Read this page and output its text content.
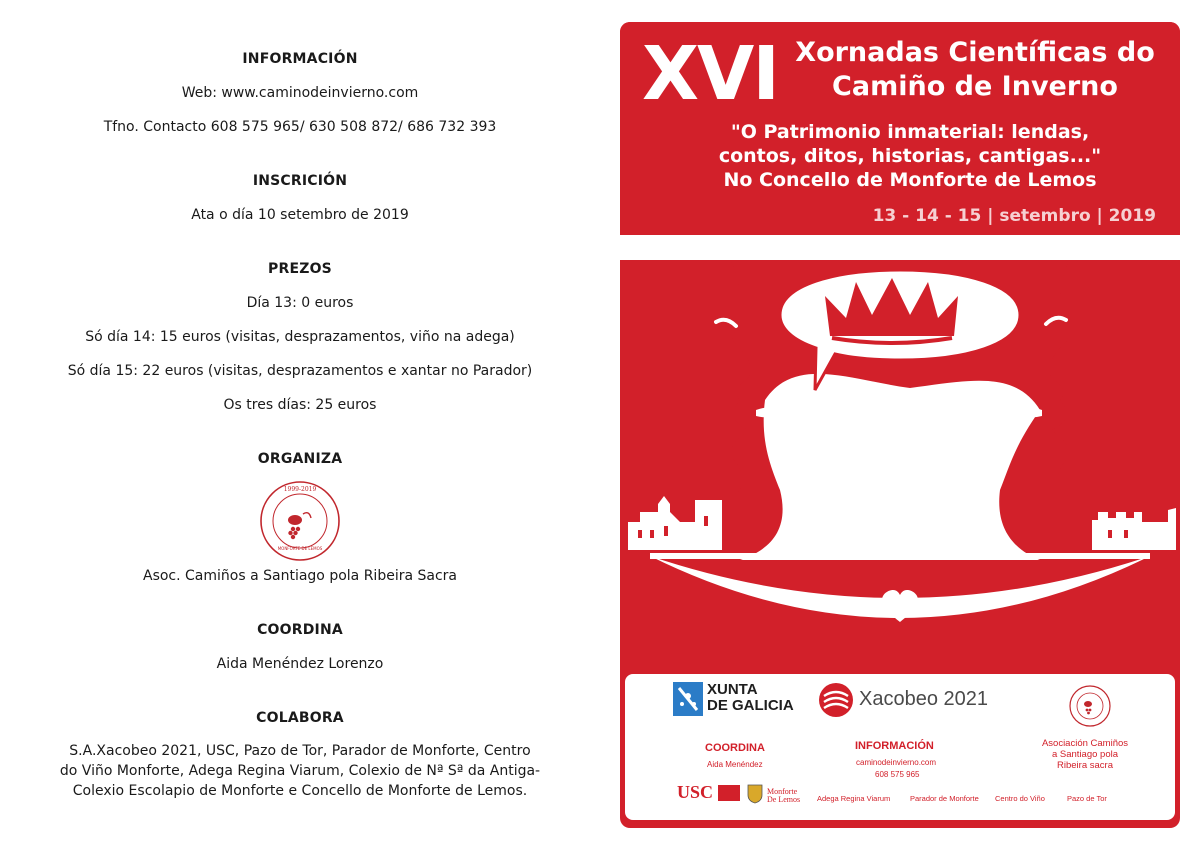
INFORMACIÓN
Web: www.caminodeinvierno.com
Tfno. Contacto 608 575 965/ 630 508 872/ 686 732 393
INSCRICIÓN
Ata o día 10 setembro de 2019
PREZOS
Día 13: 0 euros
Só día 14: 15 euros (visitas, desprazamentos, viño na adega)
Só día 15: 22 euros (visitas, desprazamentos e xantar no Parador)
Os tres días: 25 euros
ORGANIZA
1999-2019
MONFORTE DE LEMOS
Asoc. Camiños a Santiago pola Ribeira Sacra
COORDINA
Aida Menéndez Lorenzo
COLABORA
S.A.Xacobeo 2021, USC, Pazo de Tor, Parador de Monforte, Centro
do Viño Monforte, Adega Regina Viarum, Colexio de Nª Sª da Antiga-
Colexio Escolapio de Monforte e Concello de Monforte de Lemos.
XVI Xornadas Científicas do
Camiño de Inverno
"O Patrimonio inmaterial: lendas,
contos, ditos, historias, cantigas..."
No Concello de Monforte de Lemos
13 - 14 - 15 | setembro | 2019
XUNTA
DE GALICIA	Xacobeo 2021
COORDINA
Aida Menéndez
INFORMACIÓN
caminodeinvierno.com
608 575 965
Asociación Camiños
a Santiago pola
Ribeira sacra
USC	Monforte
De Lemos Adega Regina Viarum	Parador de Monforte Centro do Viño	Pazo de Tor
